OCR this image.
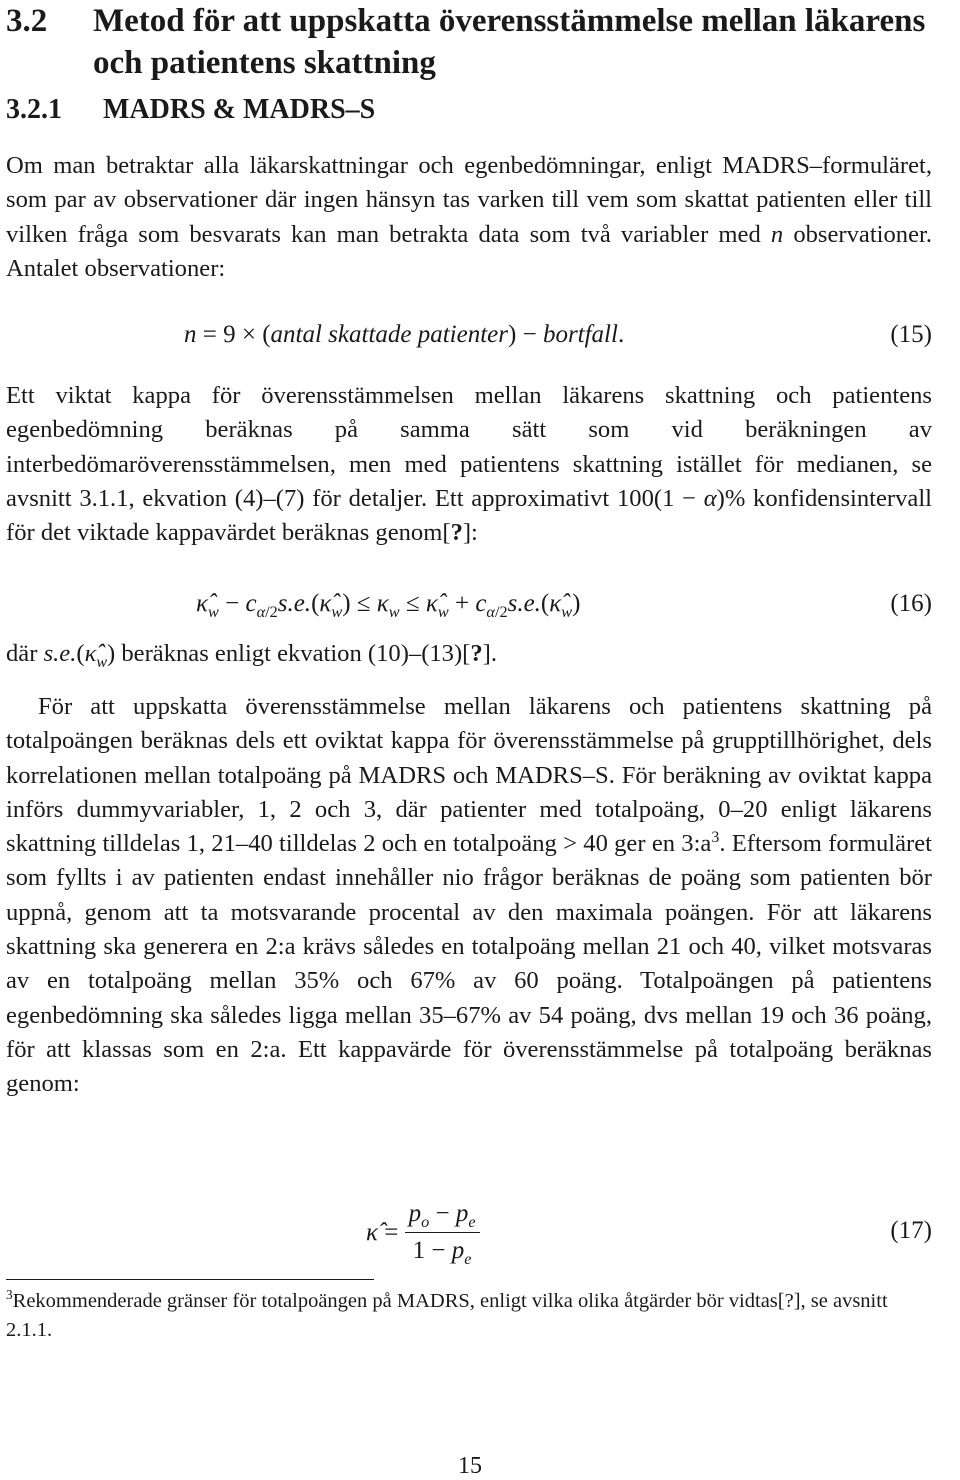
3.2 Metod för att uppskatta överensstämmelse mellan läkarens och patientens skattning
3.2.1 MADRS & MADRS–S

Om man betraktar alla läkarskattningar och egenbedömningar, enligt MADRS–formuläret, som par av observationer där ingen hänsyn tas varken till vem som skattat patienten eller till vilken fråga som besvarats kan man betrakta data som två variabler med n observationer. Antalet observationer:

n = 9 × (antal skattade patienter) − bortfall.	(15)

Ett viktat kappa för överensstämmelsen mellan läkarens skattning och patientens egenbedömning beräknas på samma sätt som vid beräkningen av interbedömaröverensstämmelsen, men med patientens skattning istället för medianen, se avsnitt 3.1.1, ekvation (4)–(7) för detaljer. Ett approximativt 100(1 − α)% konfidensintervall för det viktade kappavärdet beräknas genom[?]:

$\kappâ_w$ − $c_{\alpha/2}s.e.(\kappâ_w) \le \kappa_w$ ≤ $\kappâ_w$ + $c_{\alpha/2}s.e.(\kappâ_w)$	(16)

där $s.e.(\kappâ_w)$ beräknas enligt ekvation (10)–(13)[?].

För att uppskatta överensstämmelse mellan läkarens och patientens skattning på totalpoängen beräknas dels ett oviktat kappa för överensstämmelse på grupptillhörighet, dels korrelationen mellan totalpoäng på MADRS och MADRS–S. För beräkning av oviktat kappa införs dummyvariabler, 1, 2 och 3, där patienter med totalpoäng, 0–20 enligt läkarens skattning tilldelas 1, 21–40 tilldelas 2 och en totalpoäng > 40 ger en $3:a^3$. Eftersom formuläret som fyllts i av patienten endast innehåller nio frågor beräknas de poäng som patienten bör uppnå, genom att ta motsvarande procental av den maximala poängen. För att läkarens skattning ska generera en 2:a krävs således en totalpoäng mellan 21 och 40, vilket motsvaras av en totalpoäng mellan 35% och 67% av 60 poäng. Totalpoängen på patientens egenbedömning ska således ligga mellan 35–67% av 54 poäng, dvs mellan 19 och 36 poäng, för att klassas som en 2:a. Ett kappavärde för överensstämmelse på totalpoäng beräknas genom:

κ̂ = $\frac{p_o - p_e}{1 - p_e}$	(17)
$^3$Rekommenderade gränser för totalpoängen på MADRS, enligt vilka olika åtgärder bör vidtas[?], se avsnitt 2.1.1.
15
